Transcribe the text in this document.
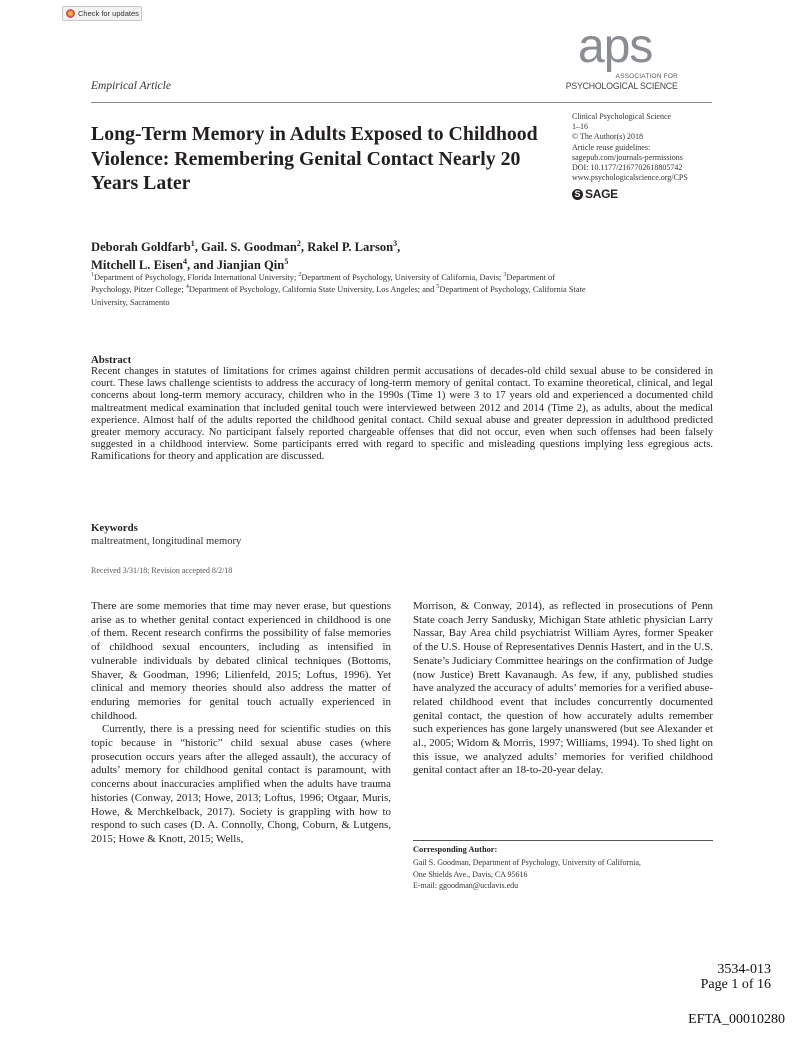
Check for updates
aps
ASSOCIATION FOR
PSYCHOLOGICAL SCIENCE
Empirical Article
Long-Term Memory in Adults Exposed to Childhood Violence: Remembering Genital Contact Nearly 20 Years Later
Clinical Psychological Science
1–16
© The Author(s) 2018
Article reuse guidelines:
sagepub.com/journals-permissions
DOI: 10.1177/2167702618805742
www.psychologicalscience.org/CPS
S SAGE

Deborah Goldfarb$^1$, Gail. S. Goodman$^2$, Rakel P. Larson$^3$,
Mitchell L. Eisen$^4$, and Jianjian Qin$^5$

$^1$Department of Psychology, Florida International University; $^2$Department of Psychology, University of California, Davis; $^3$Department of Psychology, Pitzer College; $^4$Department of Psychology, California State University, Los Angeles; and $^5$Department of Psychology, California State University, Sacramento
Abstract

Recent changes in statutes of limitations for crimes against children permit accusations of decades-old child sexual abuse to be considered in court. These laws challenge scientists to address the accuracy of long-term memory of genital contact. To examine theoretical, clinical, and legal concerns about long-term memory accuracy, children who in the 1990s (Time 1) were 3 to 17 years old and experienced a documented child maltreatment medical examination that included genital touch were interviewed between 2012 and 2014 (Time 2), as adults, about the medical experience. Almost half of the adults reported the childhood genital contact. Child sexual abuse and greater depression in adulthood predicted greater memory accuracy. No participant falsely reported chargeable offenses that did not occur, even when such offenses had been falsely suggested in a childhood interview. Some participants erred with regard to specific and misleading questions implying less egregious acts. Ramifications for theory and application are discussed.

Keywords
maltreatment, longitudinal memory
Received 3/31/18; Revision accepted 8/2/18

There are some memories that time may never erase, but questions arise as to whether genital contact experienced in childhood is one of them. Recent research confirms the possibility of false memories of childhood sexual encounters, including as intensified in vulnerable individuals by debated clinical techniques (Bottoms, Shaver, & Goodman, 1996; Lilienfeld, 2015; Loftus, 1996). Yet clinical and memory theories should also address the matter of enduring memories for genital touch actually experienced in childhood.

Currently, there is a pressing need for scientific studies on this topic because in “historic” child sexual abuse cases (where prosecution occurs years after the alleged assault), the accuracy of adults’ memory for childhood genital contact is paramount, with concerns about inaccuracies amplified when the adults have trauma histories (Conway, 2013; Howe, 2013; Loftus, 1996; Otgaar, Muris, Howe, & Merchkelback, 2017). Society is grappling with how to respond to such cases (D. A. Connolly, Chong, Coburn, & Lutgens, 2015; Howe & Knott, 2015; Wells,

Morrison, & Conway, 2014), as reflected in prosecutions of Penn State coach Jerry Sandusky, Michigan State athletic physician Larry Nassar, Bay Area child psychiatrist William Ayres, former Speaker of the U.S. House of Representatives Dennis Hastert, and in the U.S. Senate’s Judiciary Committee hearings on the confirmation of Judge (now Justice) Brett Kavanaugh. As few, if any, published studies have analyzed the accuracy of adults’ memories for a verified abuse-related childhood event that includes concurrently documented genital contact, the question of how accurately adults remember such experiences has gone largely unanswered (but see Alexander et al., 2005; Widom & Morris, 1997; Williams, 1994). To shed light on this issue, we analyzed adults’ memories for verified childhood genital contact after an 18-to-20-year delay.

Corresponding Author:
Gail S. Goodman, Department of Psychology, University of California,
One Shields Ave., Davis, CA 95616
E-mail: ggoodman@ucdavis.edu
3534-013
Page 1 of 16
EFTA_00010280
